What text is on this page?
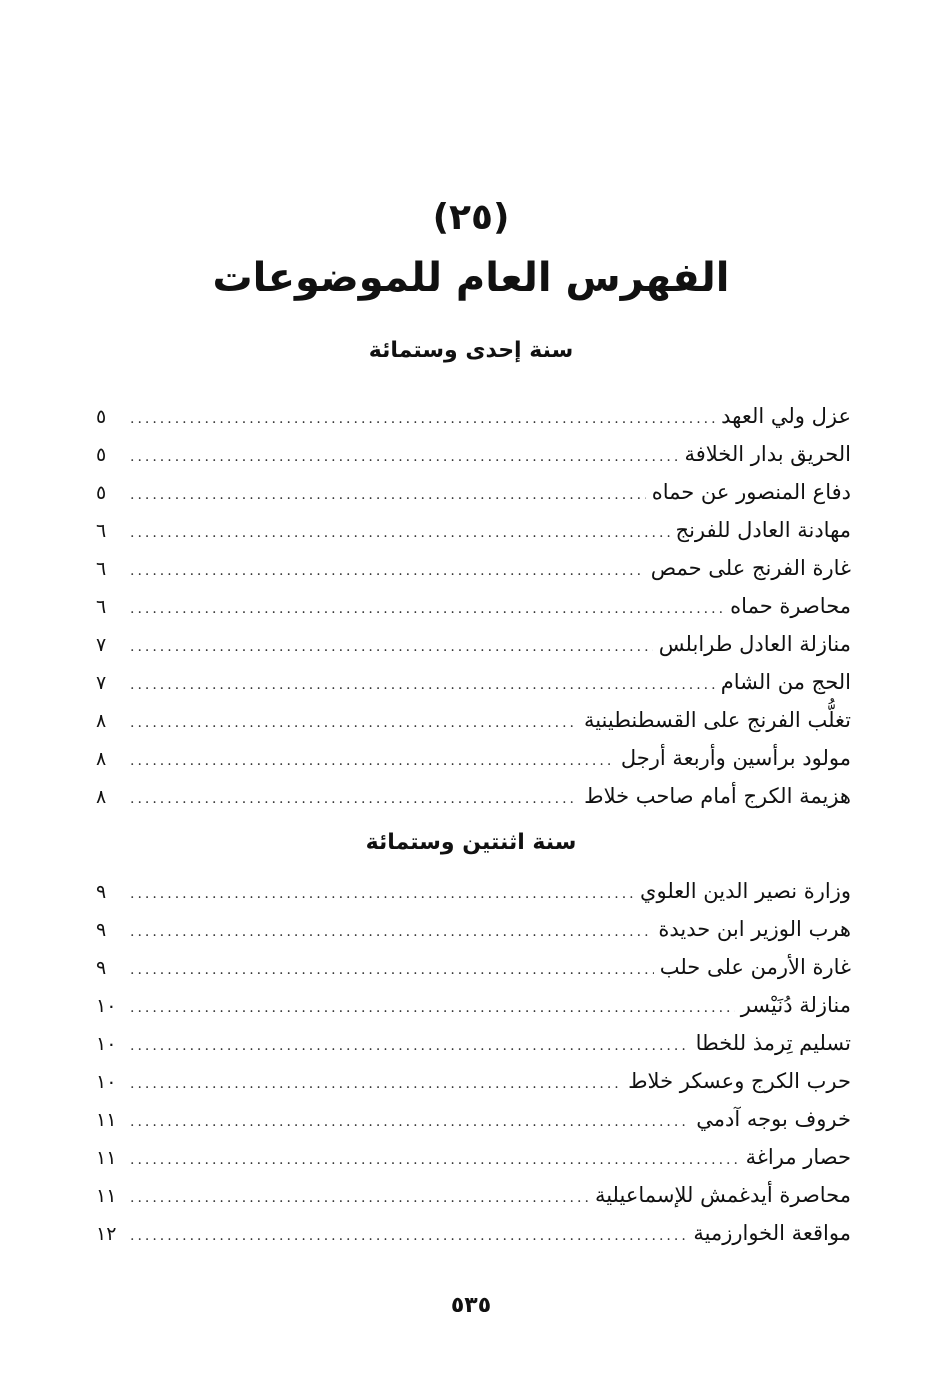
(٢٥)
الفهرس العام للموضوعات
سنة إحدى وستمائة
عزل ولي العهد
.....
٥
الحريق بدار الخلافة
.....
٥
دفاع المنصور عن حماه
.....
٥
مهادنة العادل للفرنج
.....
٦
غارة الفرنج على حمص
.....
٦
محاصرة حماه
.....
٦
منازلة العادل طرابلس
.....
٧
الحج من الشام
.....
٧
تغلُّب الفرنج على القسطنطينية
.....
٨
مولود برأسين وأربعة أرجل
.....
٨
هزيمة الكرج أمام صاحب خلاط
.....
٨
سنة اثنتين وستمائة
وزارة نصير الدين العلوي
.....
٩
هرب الوزير ابن حديدة
.....
٩
غارة الأرمن على حلب
.....
٩
منازلة دُنَيْسر
.....
١٠
تسليم تِرمذ للخطا
.....
١٠
حرب الكرج وعسكر خلاط
.....
١٠
خروف بوجه آدمي
.....
١١
حصار مراغة
.....
١١
محاصرة أيدغمش للإسماعيلية
.....
١١
مواقعة الخوارزمية
.....
١٢
٥٣٥
